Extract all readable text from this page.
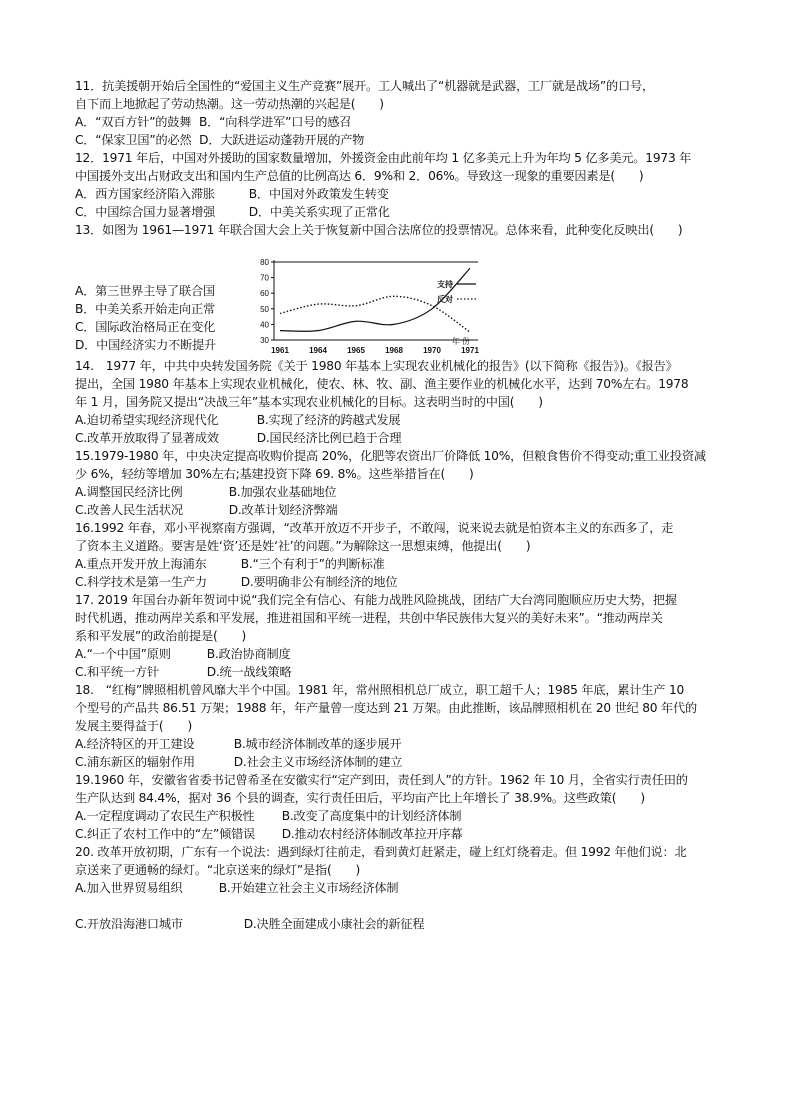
11．抗美援朝开始后全国性的“爱国主义生产竞赛”展开。工人喊出了“机器就是武器，工厂就是战场”的口号，
自下而上地掀起了劳动热潮。这一劳动热潮的兴起是(　　)
A．“双百方针”的鼓舞 B．“向科学进军”口号的感召
C．“保家卫国”的必然 D．大跃进运动蓬勃开展的产物
12．1971 年后，中国对外援助的国家数量增加，外援资金由此前年均 1 亿多美元上升为年均 5 亿多美元。1973 年
中国援外支出占财政支出和国内生产总值的比例高达 6．9%和 2．06%。导致这一现象的重要因素是(　　)
A．西方国家经济陷入滞胀	B．中国对外政策发生转变
C．中国综合国力显著增强	D．中美关系实现了正常化
13．如图为 1961—1971 年联合国大会上关于恢复新中国合法席位的投票情况。总体来看，此种变化反映出(　　)
A．第三世界主导了联合国
B．中美关系开始走向正常
C．国际政治格局正在变化
D．中国经济实力不断提升
14.　1977 年，中共中央转发国务院《关于 1980 年基本上实现农业机械化的报告》(以下简称《报告》)。《报告》
提出，全国 1980 年基本上实现农业机械化，使农、林、牧、副、渔主要作业的机械化水平，达到 70%左右。1978
年 1 月，国务院又提出“决战三年”基本实现农业机械化的目标。这表明当时的中国(　　)
A.迫切希望实现经济现代化	B.实现了经济的跨越式发展
C.改革开放取得了显著成效	D.国民经济比例已趋于合理
15.1979-1980 年，中央决定提高收购价提高 20%，化肥等农资出厂价降低 10%，但粮食售价不得变动;重工业投资减
少 6%，轻纺等增加 30%左右;基建投资下降 69. 8%。这些举措旨在(　　)
A.调整国民经济比例	B.加强农业基础地位
C.改善人民生活状况	D.改革计划经济弊端
16.1992 年春，邓小平视察南方强调，“改革开放迈不开步子，不敢闯，说来说去就是怕资本主义的东西多了，走
了资本主义道路。要害是姓‘资’还是姓‘社’的问题。”为解除这一思想束缚，他提出(　　)
A.重点开发开放上海浦东	B.“三个有利于”的判断标准
C.科学技术是第一生产力	D.要明确非公有制经济的地位
17. 2019 年国台办新年贺词中说“我们完全有信心、有能力战胜风险挑战，团结广大台湾同胞顺应历史大势，把握
时代机遇，推动两岸关系和平发展，推进祖国和平统一进程，共创中华民族伟大复兴的美好未来”。“推动两岸关
系和平发展”的政治前提是(　　)
A.“一个中国”原则	B.政治协商制度
C.和平统一方针	D.统一战线策略
18.　“红梅”牌照相机曾风靡大半个中国。1981 年，常州照相机总厂成立，职工超千人；1985 年底，累计生产 10
个型号的产品共 86.51 万架；1988 年，年产量曾一度达到 21 万架。由此推断，该品牌照相机在 20 世纪 80 年代的
发展主要得益于(　　)
A.经济特区的开工建设	B.城市经济体制改革的逐步展开
C.浦东新区的辐射作用	D.社会主义市场经济体制的建立
19.1960 年，安徽省省委书记曾希圣在安徽实行“定产到田，责任到人”的方针。1962 年 10 月，全省实行责任田的
生产队达到 84.4%，据对 36 个县的调查，实行责任田后，平均亩产比上年增长了 38.9%。这些政策(　　)
A.一定程度调动了农民生产积极性 B.改变了高度集中的计划经济体制
C.纠正了农村工作中的“左”倾错误 D.推动农村经济体制改革拉开序幕
20. 改革开放初期，广东有一个说法：遇到绿灯往前走，看到黄灯赶紧走，碰上红灯绕着走。但 1992 年他们说：北
京送来了更通畅的绿灯。“北京送来的绿灯”是指(　　)
A.加入世界贸易组织	B.开始建立社会主义市场经济体制
C.开放沿海港口城市	D.决胜全面建成小康社会的新征程
30
40
50
60
70
80
1961	1964	1965	1968	1970	1971
年 份
支持
反对
